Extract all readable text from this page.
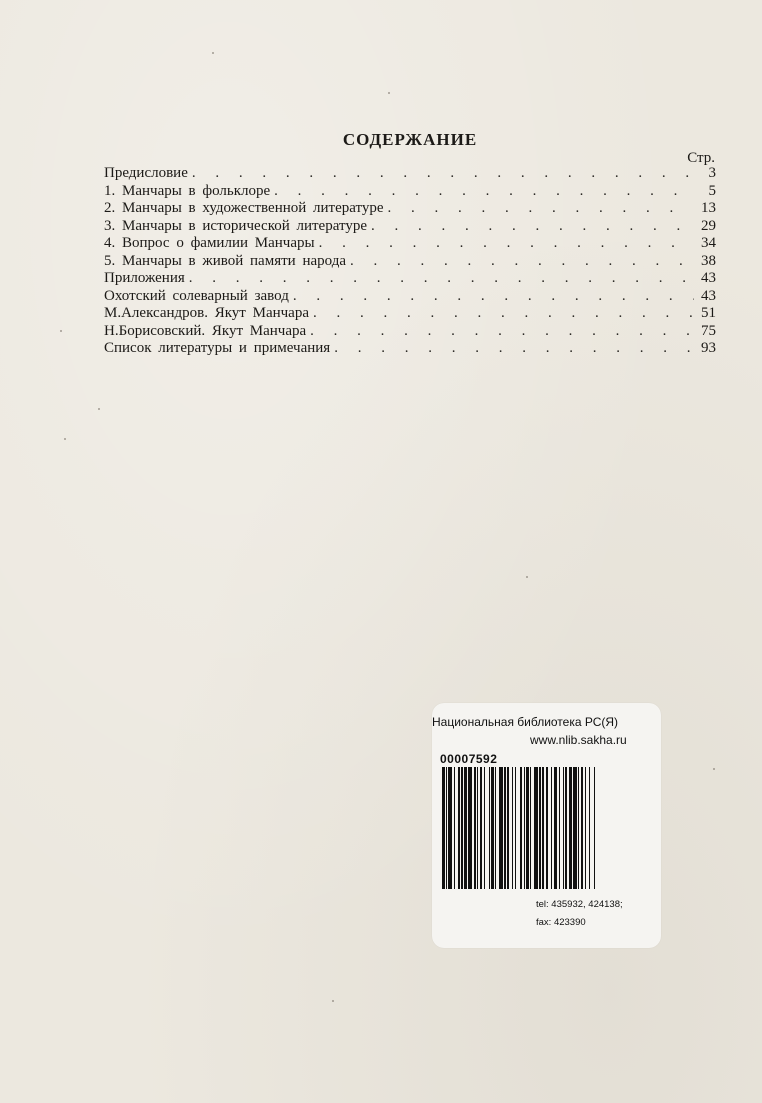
СОДЕРЖАНИЕ
Стр.
Предисловие . . .	3
1. Манчары в фольклоре . . .	5
2. Манчары в художественной литературе . . .	13
3. Манчары в исторической литературе . . .	29
4. Вопрос о фамилии Манчары . . .	34
5. Манчары в живой памяти народа . . .	38
Приложения . . .	43
Охотский солеварный завод . . .	43
М.Александров. Якут Манчара . . .	51
Н.Борисовский. Якут Манчара . . .	75
Список литературы и примечания . . .	93
Национальная библиотека РС(Я)
www.nlib.sakha.ru
00007592
tel: 435932, 424138;
fax: 423390
